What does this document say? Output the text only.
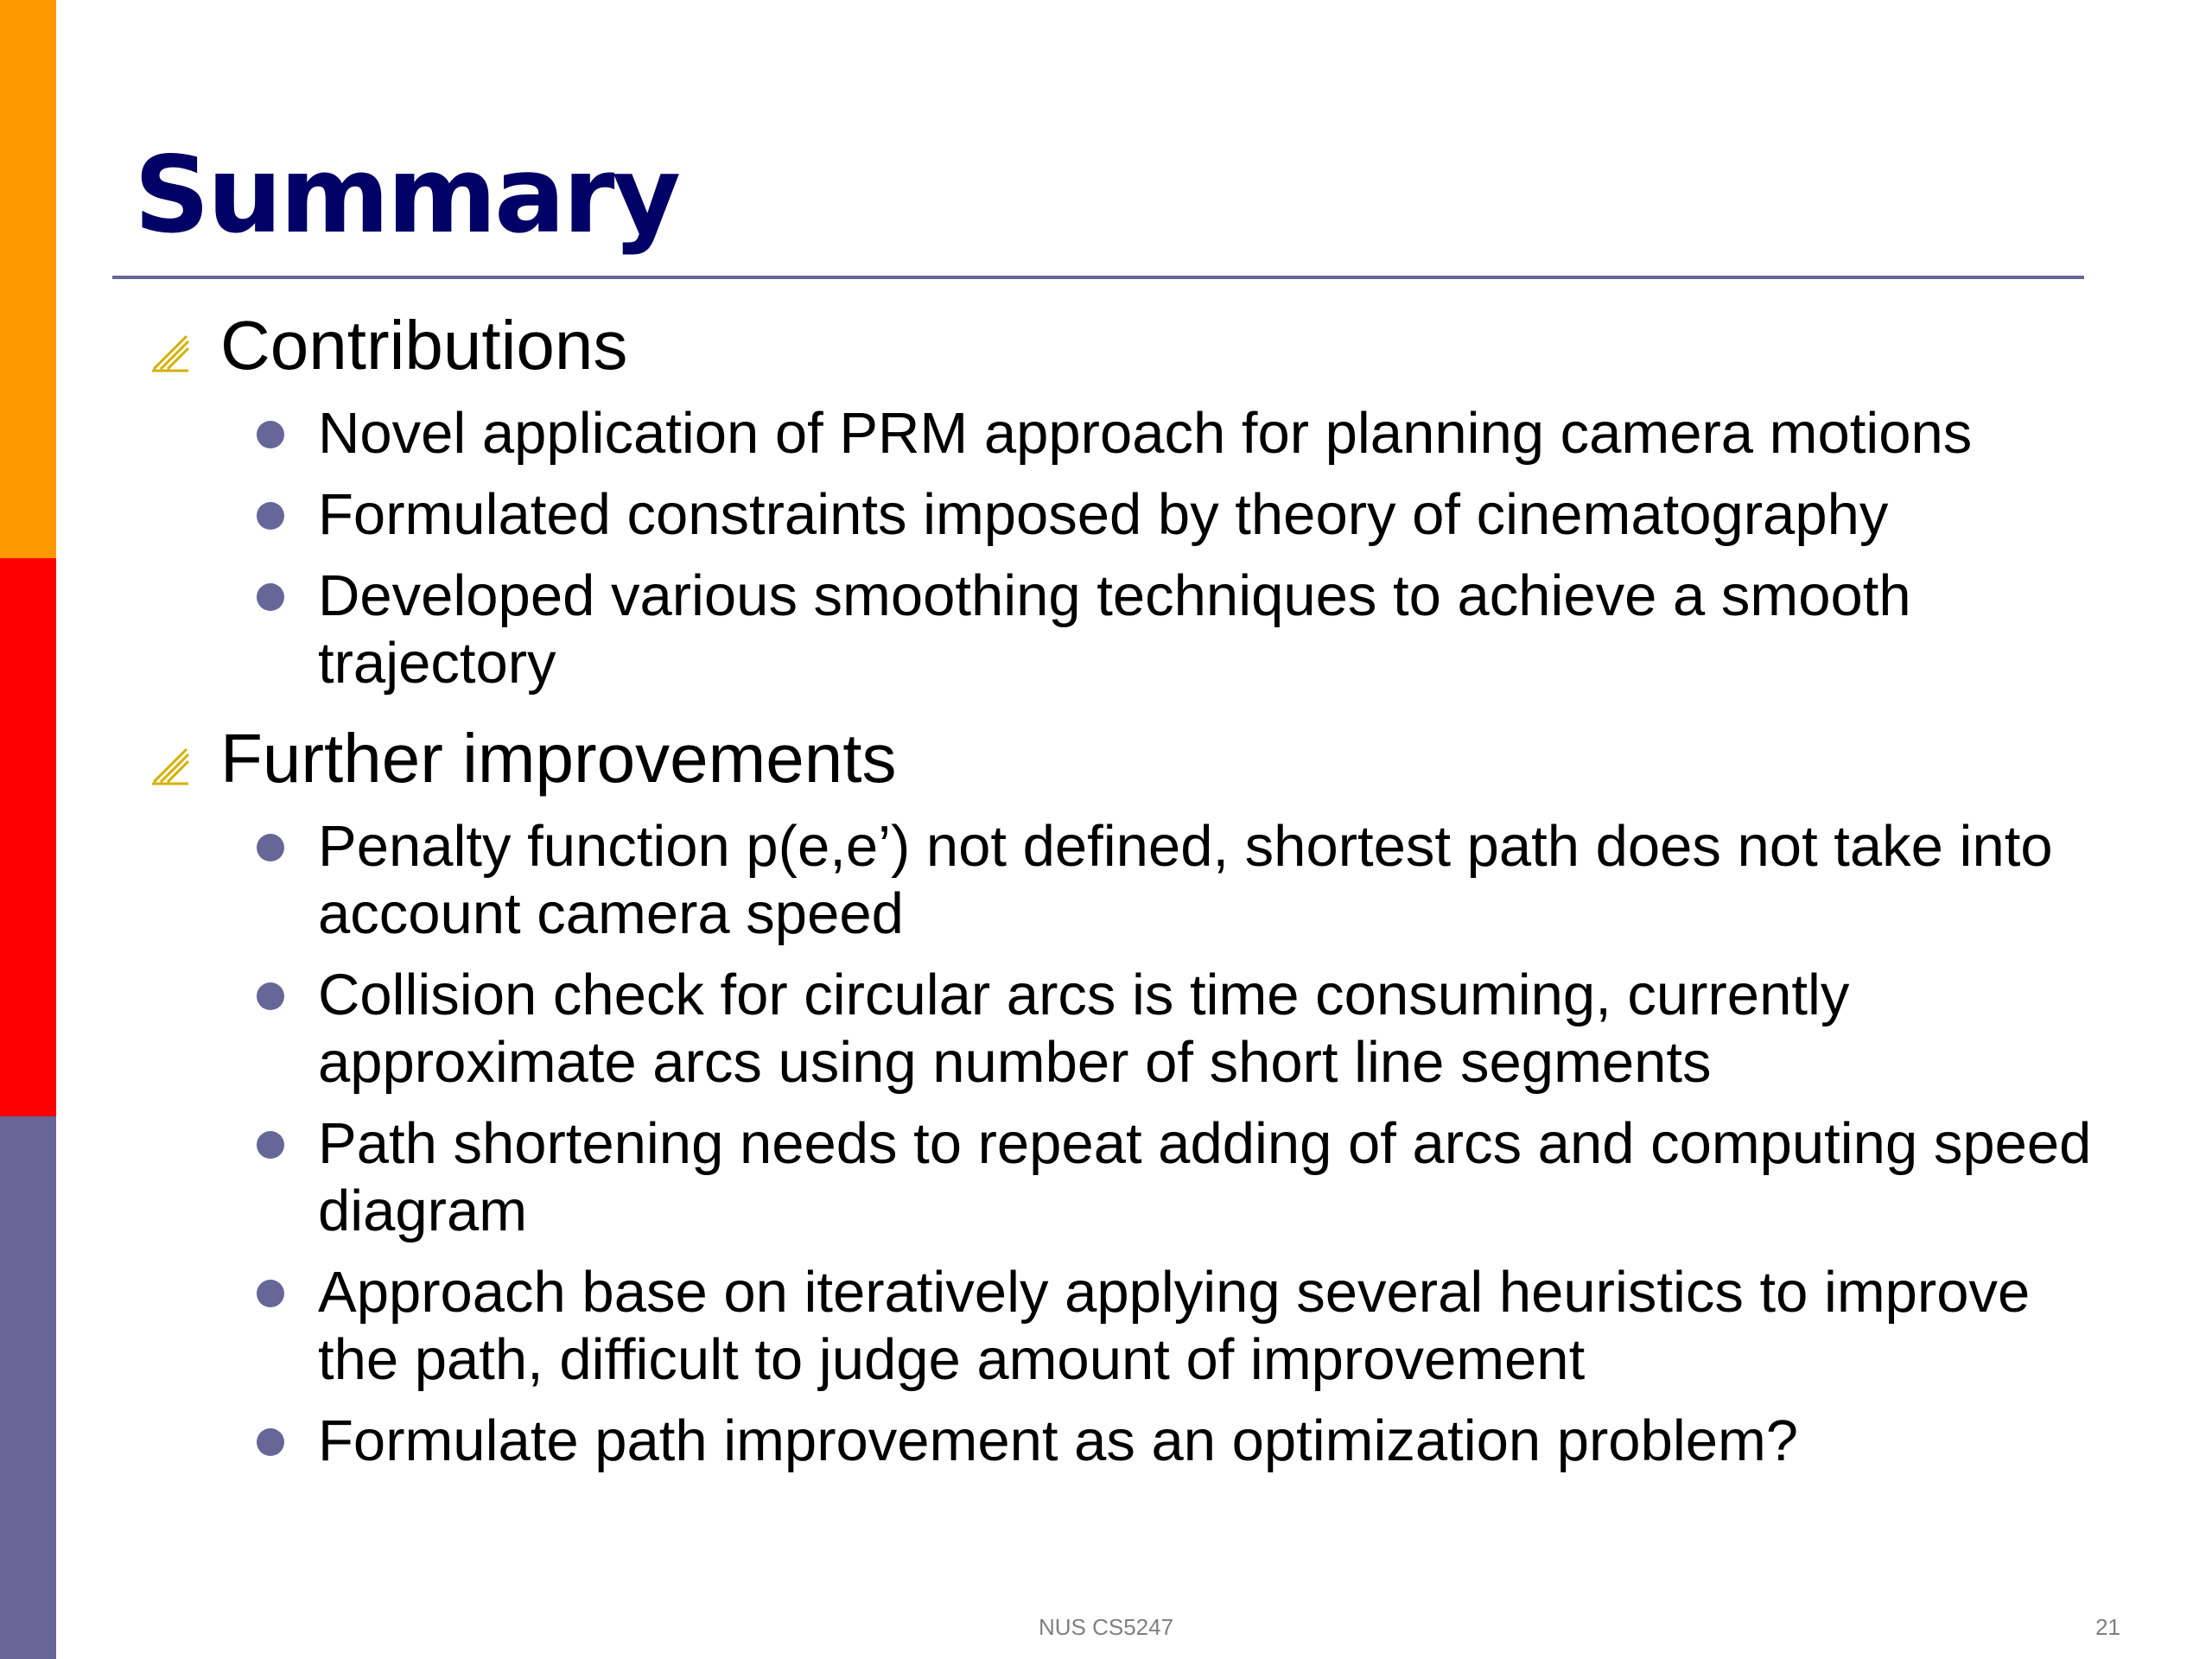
Summary
Contributions
Novel application of PRM approach for planning camera motions
Formulated constraints imposed by theory of cinematography
Developed various smoothing techniques to achieve a smooth trajectory
Further improvements
Penalty function p(e,e’) not defined, shortest path does not take into account camera speed
Collision check for circular arcs is time consuming, currently approximate arcs using number of short line segments
Path shortening needs to repeat adding of arcs and computing speed diagram
Approach base on iteratively applying several heuristics to improve the path, difficult to judge amount of improvement
Formulate path improvement as an optimization problem?
NUS CS5247	21
